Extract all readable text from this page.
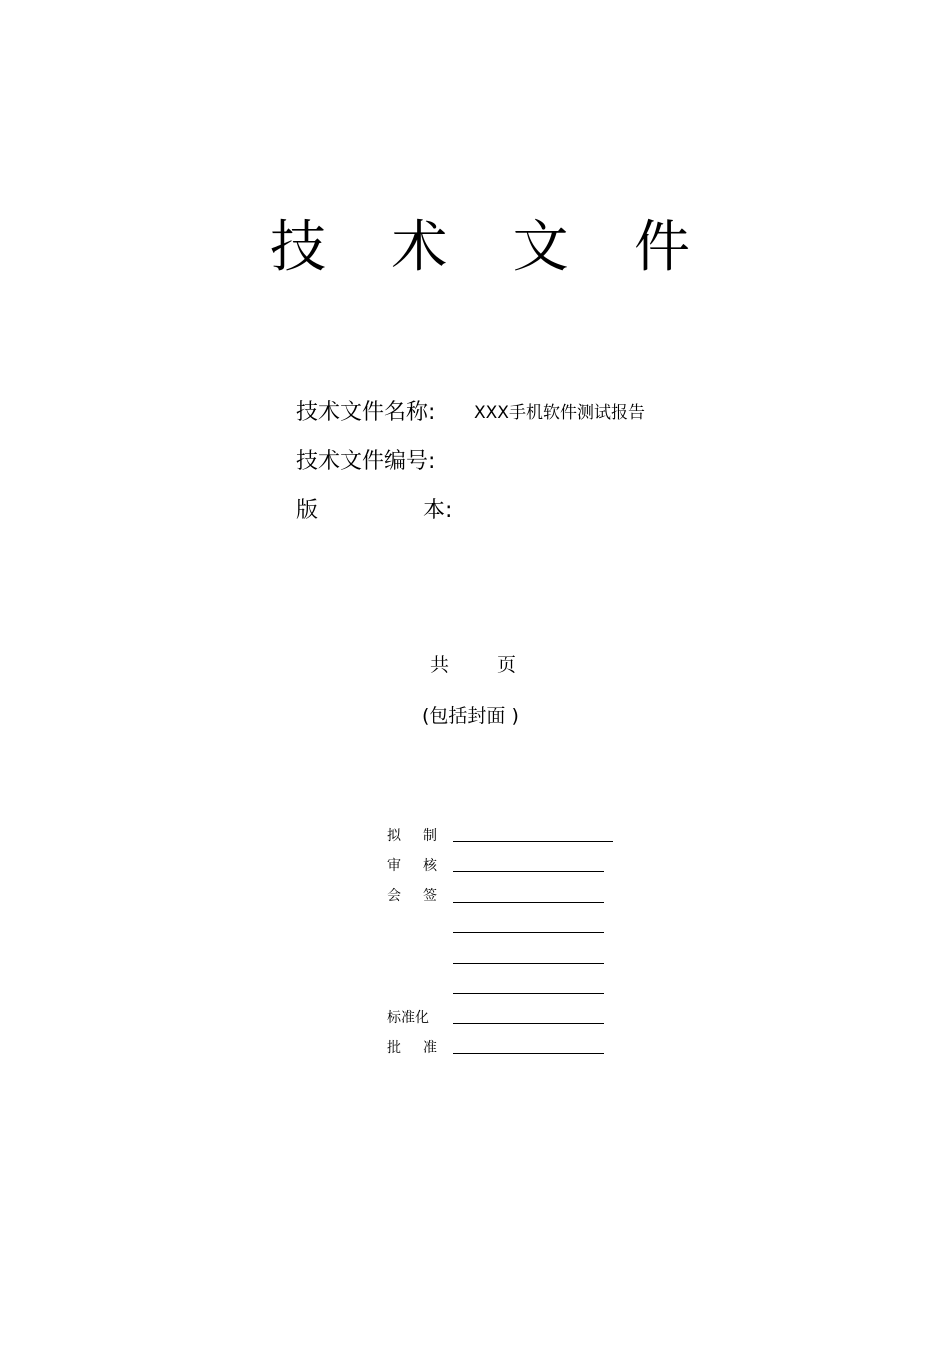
技 术 文 件
技术文件名称: XXX手机软件测试报告
技术文件编号:
版	本:
共	页
(包括封面 )
拟 制
审 核
会 签
标准化
批 准
